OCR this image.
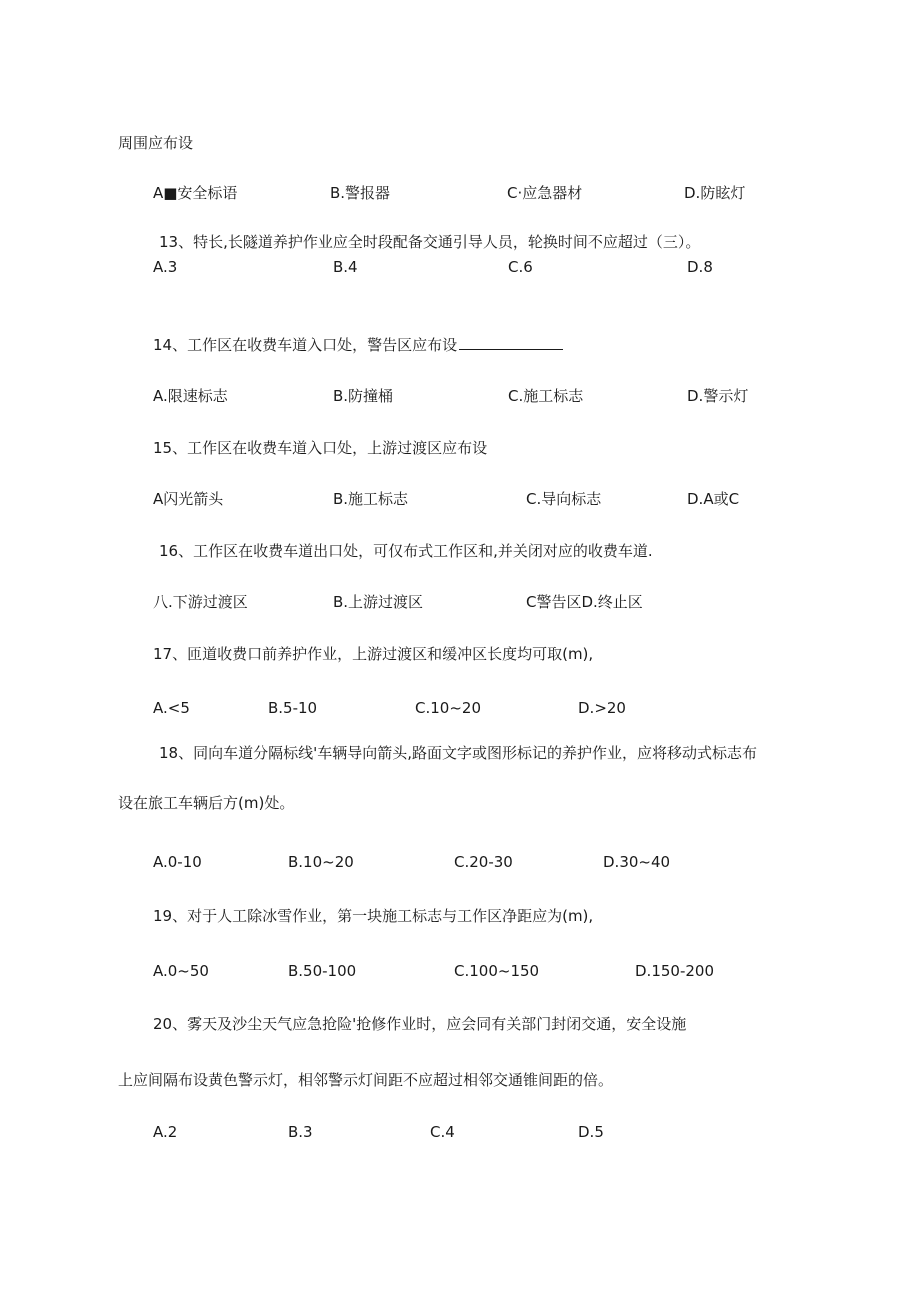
周围应布设
A■安全标语	B.警报器	C·应急器材	D.防眩灯
13、特长,长隧道养护作业应全时段配备交通引导人员，轮换时间不应超过（三）。
A.3	B.4	C.6	D.8
14、工作区在收费车道入口处，警告区应布设
A.限速标志	B.防撞桶	C.施工标志	D.警示灯
15、工作区在收费车道入口处，上游过渡区应布设
A闪光箭头	B.施工标志	C.导向标志	D.A或C
16、工作区在收费车道出口处，可仅布式工作区和,并关闭对应的收费车道.
八.下游过渡区	B.上游过渡区	C警告区D.终止区
17、匝道收费口前养护作业，上游过渡区和缓冲区长度均可取(m),
A.<5	B.5-10	C.10~20	D.>20
18、同向车道分隔标线'车辆导向箭头,路面文字或图形标记的养护作业，应将移动式标志布
设在旅工车辆后方(m)处。
A.0-10	B.10~20	C.20-30	D.30~40
19、对于人工除冰雪作业，第一块施工标志与工作区净距应为(m),
A.0~50	B.50-100	C.100~150	D.150-200
20、雾天及沙尘天气应急抢险'抢修作业时，应会同有关部门封闭交通，安全设施
上应间隔布设黄色警示灯，相邻警示灯间距不应超过相邻交通锥间距的倍。
A.2	B.3	C.4	D.5
